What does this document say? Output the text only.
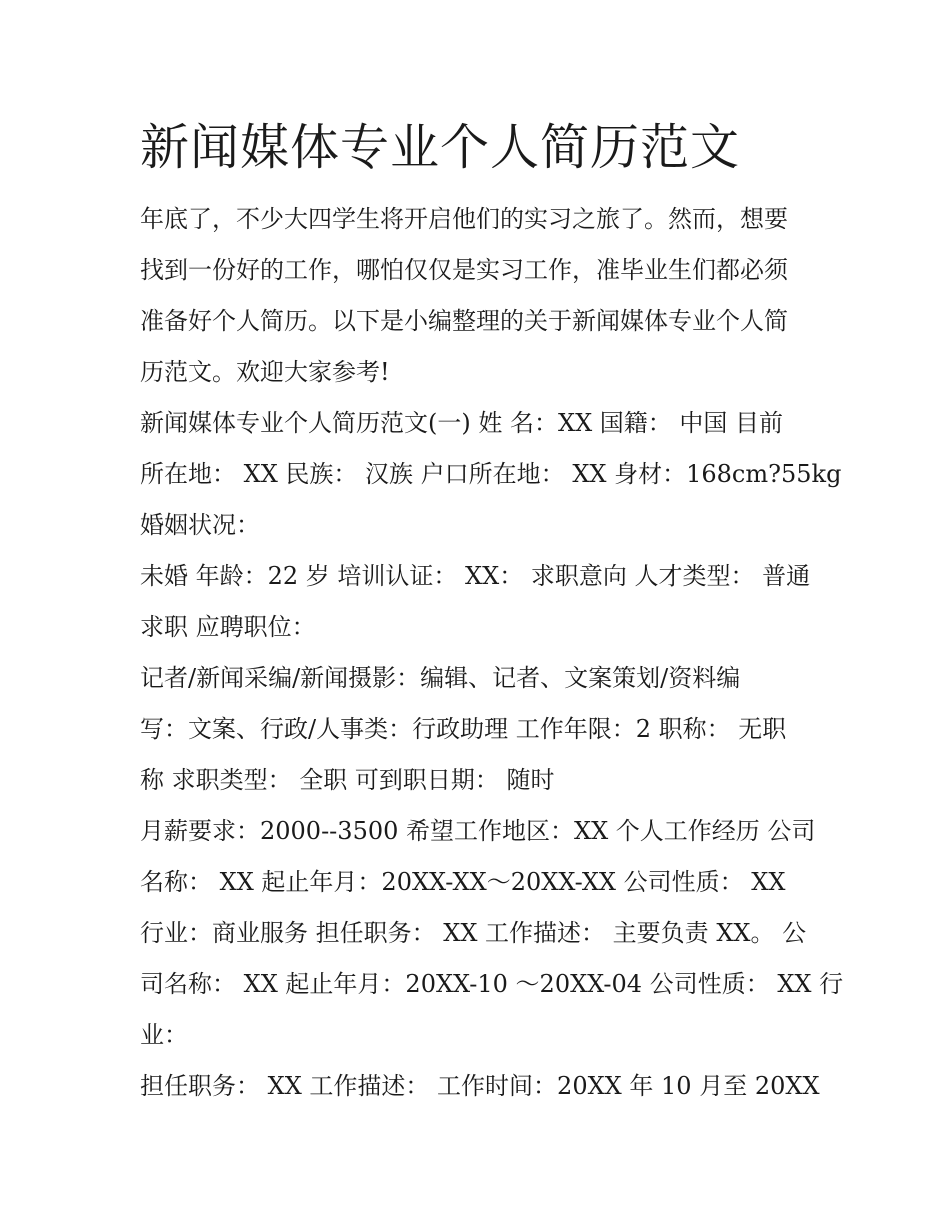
新闻媒体专业个人简历范文

年底了，不少大四学生将开启他们的实习之旅了。然而，想要

找到一份好的工作，哪怕仅仅是实习工作，准毕业生们都必须

准备好个人简历。以下是小编整理的关于新闻媒体专业个人简

历范文。欢迎大家参考!

新闻媒体专业个人简历范文(一) 姓 名：XX 国籍： 中国 目前

所在地： XX 民族： 汉族 户口所在地： XX 身材：168cm?55kg

婚姻状况：

未婚 年龄：22 岁 培训认证： XX： 求职意向 人才类型： 普通

求职 应聘职位：

记者/新闻采编/新闻摄影：编辑、记者、文案策划/资料编

写：文案、行政/人事类：行政助理 工作年限：2 职称： 无职

称 求职类型： 全职 可到职日期： 随时

月薪要求：2000--3500 希望工作地区：XX 个人工作经历 公司

名称： XX 起止年月：20XX-XX～20XX-XX 公司性质： XX

行业：商业服务 担任职务： XX 工作描述： 主要负责 XX。 公

司名称： XX 起止年月：20XX-10 ～20XX-04 公司性质： XX 行

业：

担任职务： XX 工作描述： 工作时间：20XX 年 10 月至 20XX
